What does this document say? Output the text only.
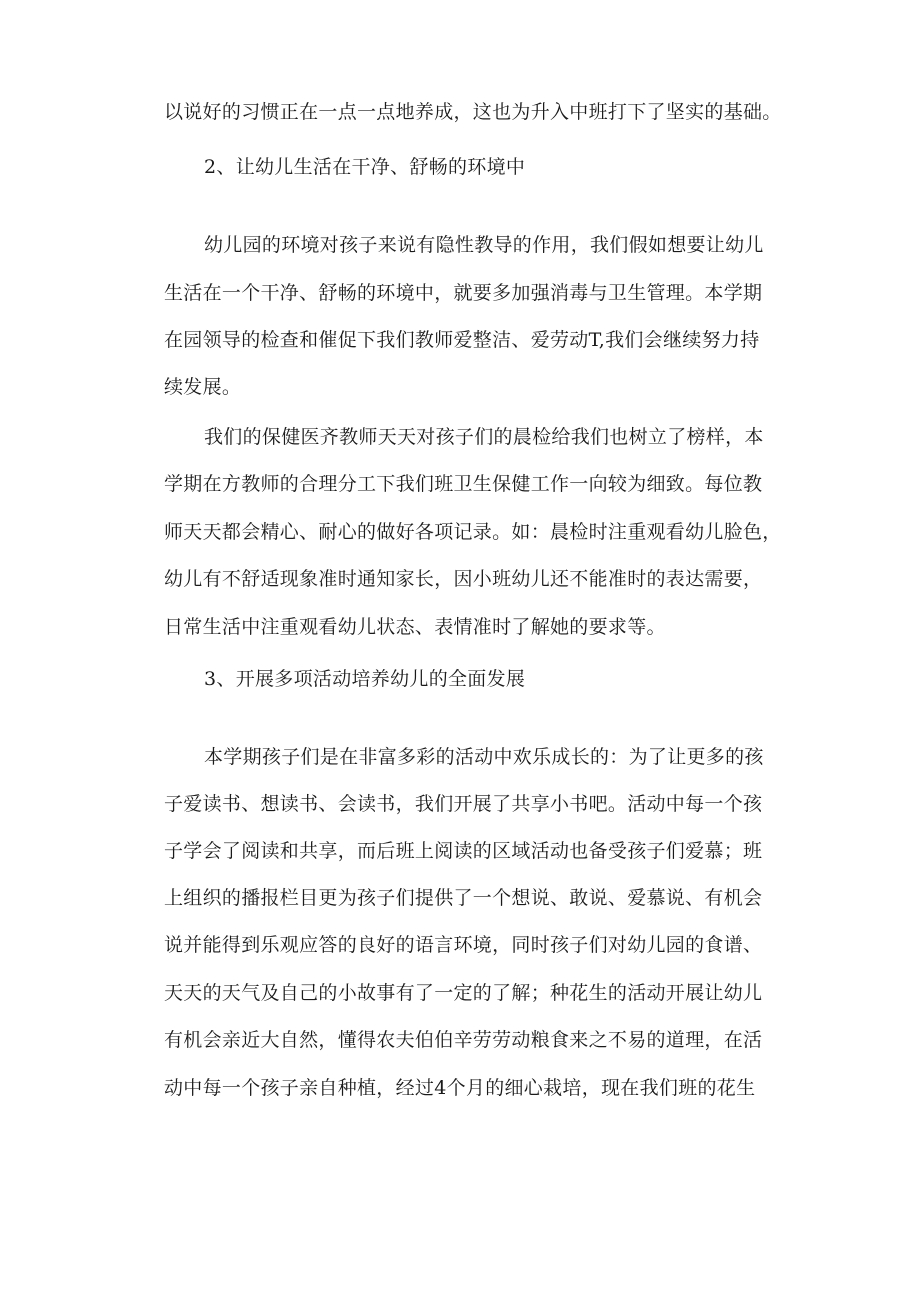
以说好的习惯正在一点一点地养成，这也为升入中班打下了坚实的基础。
2、让幼儿生活在干净、舒畅的环境中
幼儿园的环境对孩子来说有隐性教导的作用，我们假如想要让幼儿
生活在一个干净、舒畅的环境中，就要多加强消毒与卫生管理。本学期
在园领导的检查和催促下我们教师爱整洁、爱劳动T,我们会继续努力持
续发展。
我们的保健医齐教师天天对孩子们的晨检给我们也树立了榜样，本
学期在方教师的合理分工下我们班卫生保健工作一向较为细致。每位教
师天天都会精心、耐心的做好各项记录。如：晨检时注重观看幼儿脸色，
幼儿有不舒适现象准时通知家长，因小班幼儿还不能准时的表达需要，
日常生活中注重观看幼儿状态、表情准时了解她的要求等。
3、开展多项活动培养幼儿的全面发展
本学期孩子们是在非富多彩的活动中欢乐成长的：为了让更多的孩
子爱读书、想读书、会读书，我们开展了共享小书吧。活动中每一个孩
子学会了阅读和共享，而后班上阅读的区域活动也备受孩子们爱慕；班
上组织的播报栏目更为孩子们提供了一个想说、敢说、爱慕说、有机会
说并能得到乐观应答的良好的语言环境，同时孩子们对幼儿园的食谱、
天天的天气及自己的小故事有了一定的了解；种花生的活动开展让幼儿
有机会亲近大自然，懂得农夫伯伯辛劳劳动粮食来之不易的道理，在活
动中每一个孩子亲自种植，经过4个月的细心栽培，现在我们班的花生
